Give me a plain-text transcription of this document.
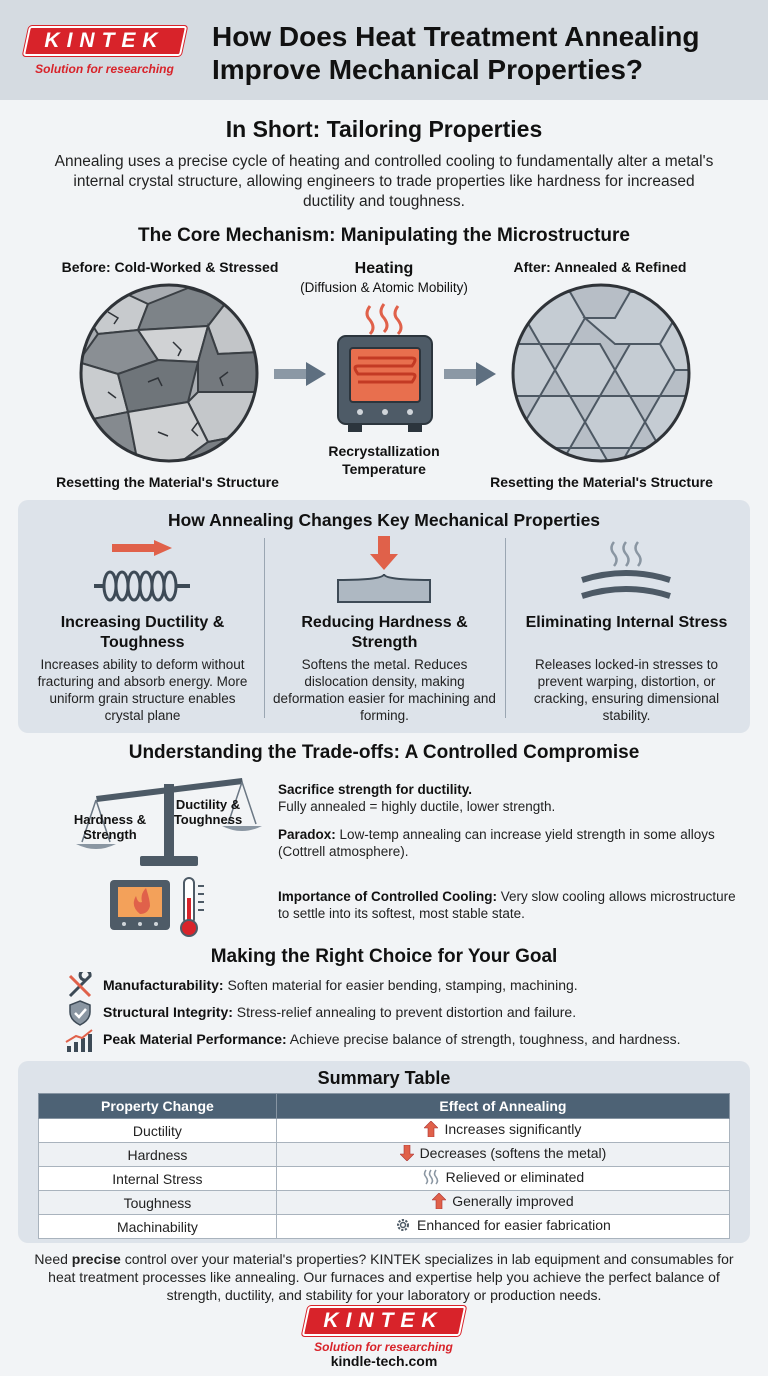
KINTEK
Solution for researching
How Does Heat Treatment Annealing Improve Mechanical Properties?
In Short: Tailoring Properties
Annealing uses a precise cycle of heating and controlled cooling to fundamentally alter a metal's internal crystal structure, allowing engineers to trade properties like hardness for increased ductility and toughness.
The Core Mechanism: Manipulating the Microstructure
Before: Cold-Worked & Stressed	Heating
(Diffusion & Atomic Mobility)
After: Annealed & Refined
Recrystallization Temperature
Resetting the Material's Structure	Resetting the Material's Structure
How Annealing Changes Key Mechanical Properties
Increasing Ductility & Toughness
Increases ability to deform without fracturing and absorb energy. More uniform grain structure enables crystal plane
Reducing Hardness & Strength
Softens the metal. Reduces dislocation density, making deformation easier for machining and forming.
Eliminating Internal Stress
Releases locked-in stresses to prevent warping, distortion, or cracking, ensuring dimensional stability.
Understanding the Trade-offs: A Controlled Compromise
Hardness & Strength
Ductility & Toughness
Sacrifice strength for ductility.
Fully annealed = highly ductile, lower strength.
Paradox: Low-temp annealing can increase yield strength in some alloys (Cottrell atmosphere).
Importance of Controlled Cooling: Very slow cooling allows microstructure to settle into its softest, most stable state.
Making the Right Choice for Your Goal
Manufacturability: Soften material for easier bending, stamping, machining.
Structural Integrity: Stress-relief annealing to prevent distortion and failure.
Peak Material Performance: Achieve precise balance of strength, toughness, and hardness.
Summary Table
Property Change	Effect of Annealing
Ductility	Increases significantly

Hardness	Decreases (softens the metal)

Internal Stress	Relieved or eliminated

Toughness	Generally improved

Machinability	Enhanced for easier fabrication
Need precise control over your material's properties? KINTEK specializes in lab equipment and consumables for heat treatment processes like annealing. Our furnaces and expertise help you achieve the perfect balance of strength, ductility, and stability for your laboratory or production needs.
KINTEK
Solution for researching
kindle-tech.com
